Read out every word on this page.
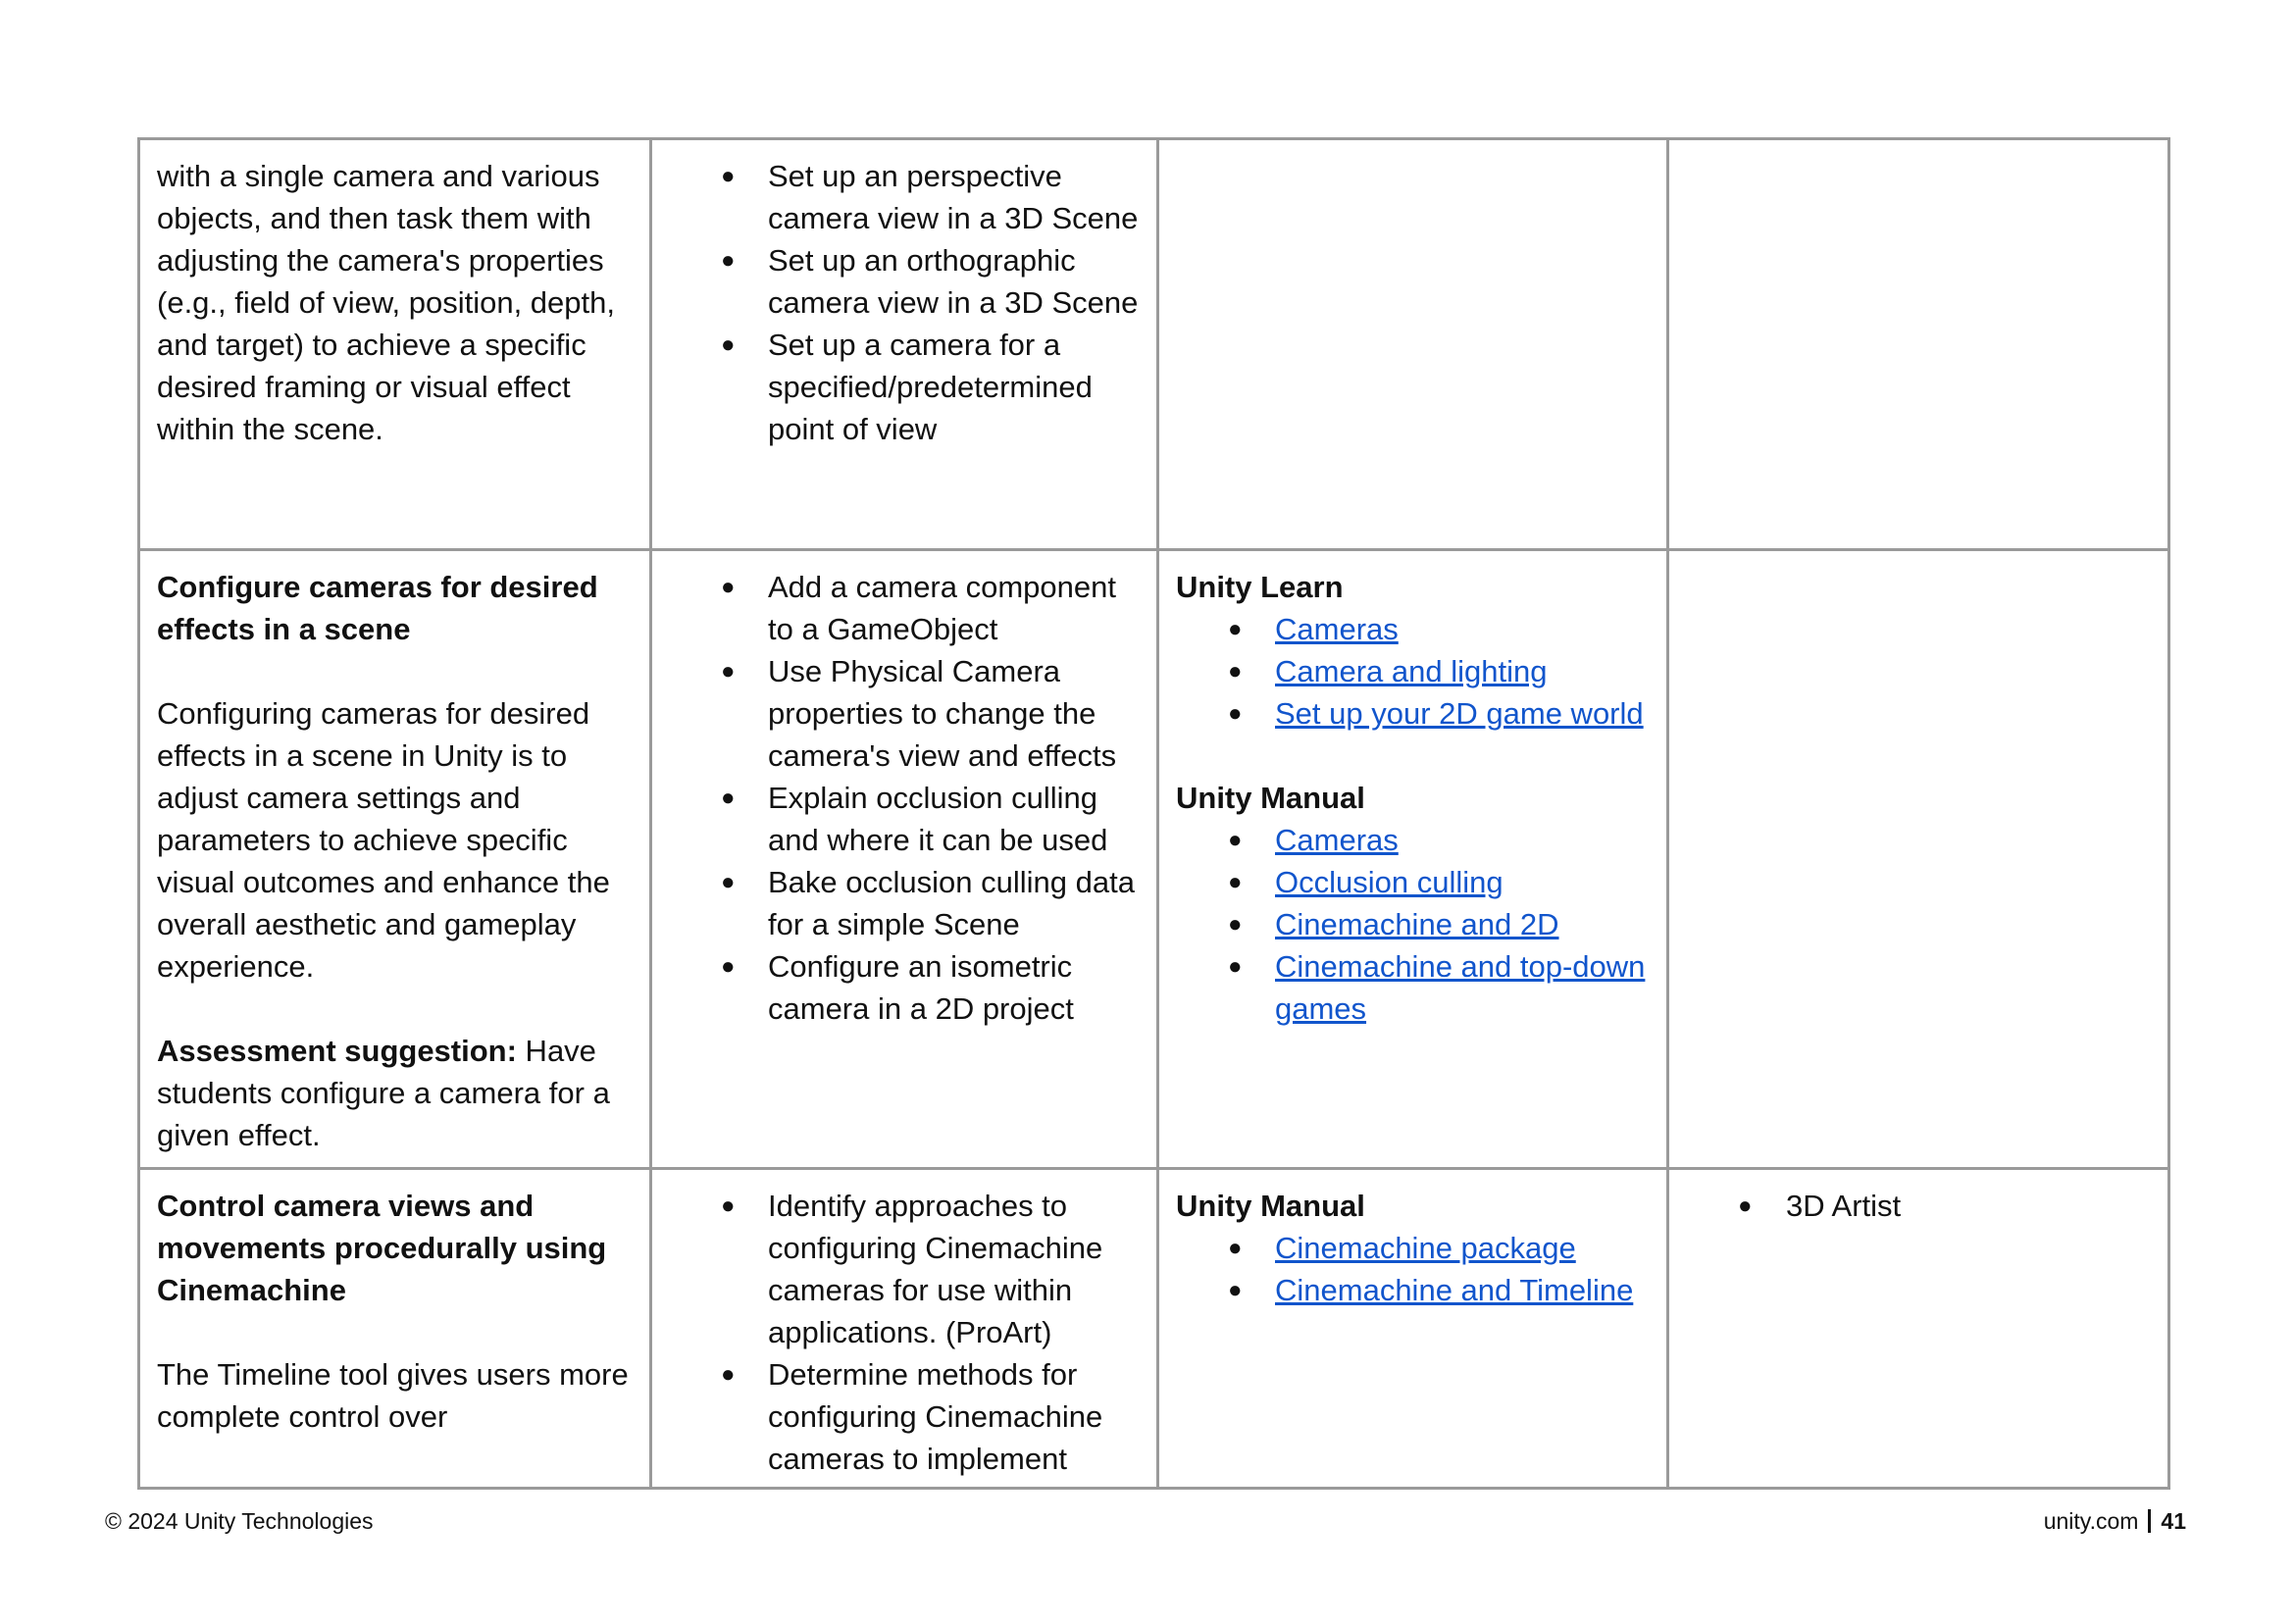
with a single camera and various objects, and then task them with adjusting the camera's properties (e.g., field of view, position, depth, and target) to achieve a specific desired framing or visual effect within the scene.

● Set up an perspective camera view in a 3D Scene
● Set up an orthographic camera view in a 3D Scene
● Set up a camera for a specified/predetermined point of view

Configure cameras for desired effects in a scene

Configuring cameras for desired effects in a scene in Unity is to adjust camera settings and parameters to achieve specific visual outcomes and enhance the overall aesthetic and gameplay experience.

Assessment suggestion: Have students configure a camera for a given effect.

● Add a camera component to a GameObject
● Use Physical Camera properties to change the camera's view and effects
● Explain occlusion culling and where it can be used
● Bake occlusion culling data for a simple Scene
● Configure an isometric camera in a 2D project

Unity Learn

● Cameras
● Camera and lighting
● Set up your 2D game world

Unity Manual

● Cameras
● Occlusion culling
● Cinemachine and 2D
● Cinemachine and top-down games

Control camera views and movements procedurally using Cinemachine

The Timeline tool gives users more complete control over

● Identify approaches to configuring Cinemachine cameras for use within applications. (ProArt)
● Determine methods for configuring Cinemachine cameras to implement

Unity Manual

● Cinemachine package
● Cinemachine and Timeline
● 3D Artist
© 2024 Unity Technologies	unity.com 41
